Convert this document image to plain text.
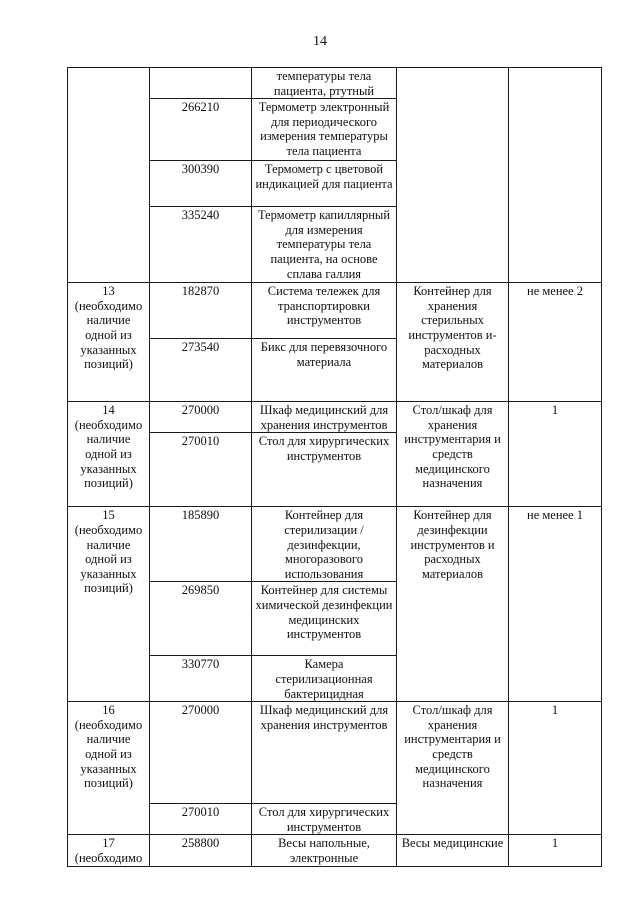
14
		температуры тела пациента, ртутный		
	266210	Термометр электронный для периодического измерения температуры тела пациента		
	300390	Термометр с цветовой индикацией для пациента		
	335240	Термометр капиллярный для измерения температуры тела пациента, на основе сплава галлия		
13 (необходимо наличие одной из указанных позиций)	182870	Система тележек для транспортировки инструментов	Контейнер для хранения стерильных инструментов и-расходных материалов	не менее 2
	273540	Бикс для перевязочного материала		
14 (необходимо наличие одной из указанных позиций)	270000	Шкаф медицинский для хранения инструментов	Стол/шкаф для хранения инструментария и средств медицинского назначения	1
	270010	Стол для хирургических инструментов		
15 (необходимо наличие одной из указанных позиций)	185890	Контейнер для стерилизации /дезинфекции, многоразового использования	Контейнер для дезинфекции инструментов и расходных материалов	не менее 1
	269850	Контейнер для системы химической дезинфекции медицинских инструментов		
	330770	Камера стерилизационная бактерицидная		
16 (необходимо наличие одной из указанных позиций)	270000	Шкаф медицинский для хранения инструментов	Стол/шкаф для хранения инструментария и средств медицинского назначения	1
	270010	Стол для хирургических инструментов		
17 (необходимо	258800	Весы напольные, электронные	Весы медицинские	1
